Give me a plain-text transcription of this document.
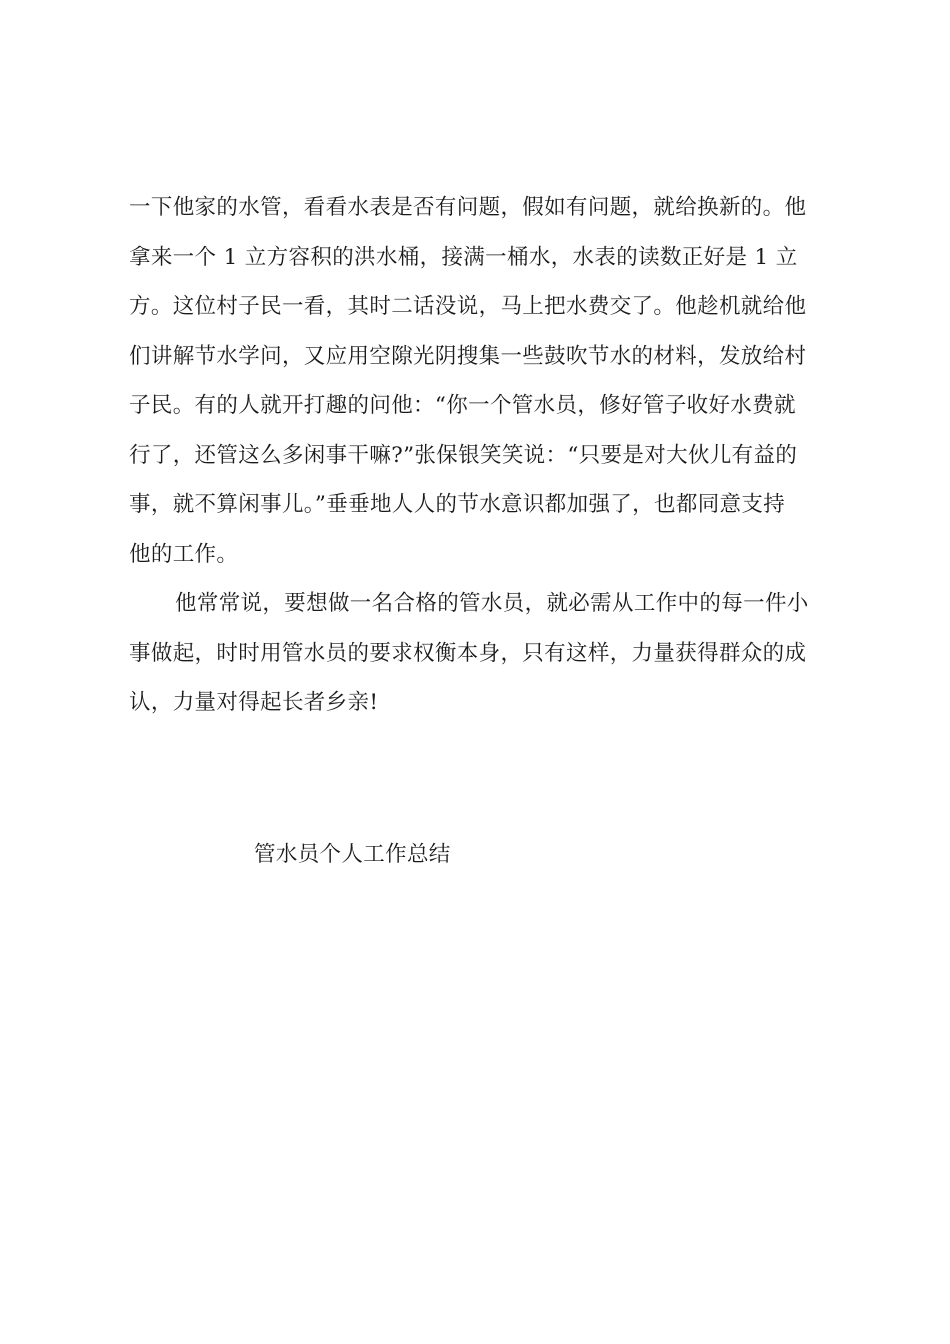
一下他家的水管，看看水表是否有问题，假如有问题，就给换新的。他
拿来一个 1 立方容积的洪水桶，接满一桶水，水表的读数正好是 1 立
方。这位村子民一看，其时二话没说，马上把水费交了。他趁机就给他
们讲解节水学问，又应用空隙光阴搜集一些鼓吹节水的材料，发放给村
子民。有的人就开打趣的问他：“你一个管水员，修好管子收好水费就
行了，还管这么多闲事干嘛?”张保银笑笑说：“只要是对大伙儿有益的
事，就不算闲事儿。”垂垂地人人的节水意识都加强了，也都同意支持
他的工作。
他常常说，要想做一名合格的管水员，就必需从工作中的每一件小
事做起，时时用管水员的要求权衡本身，只有这样，力量获得群众的成
认，力量对得起长者乡亲!
管水员个人工作总结
